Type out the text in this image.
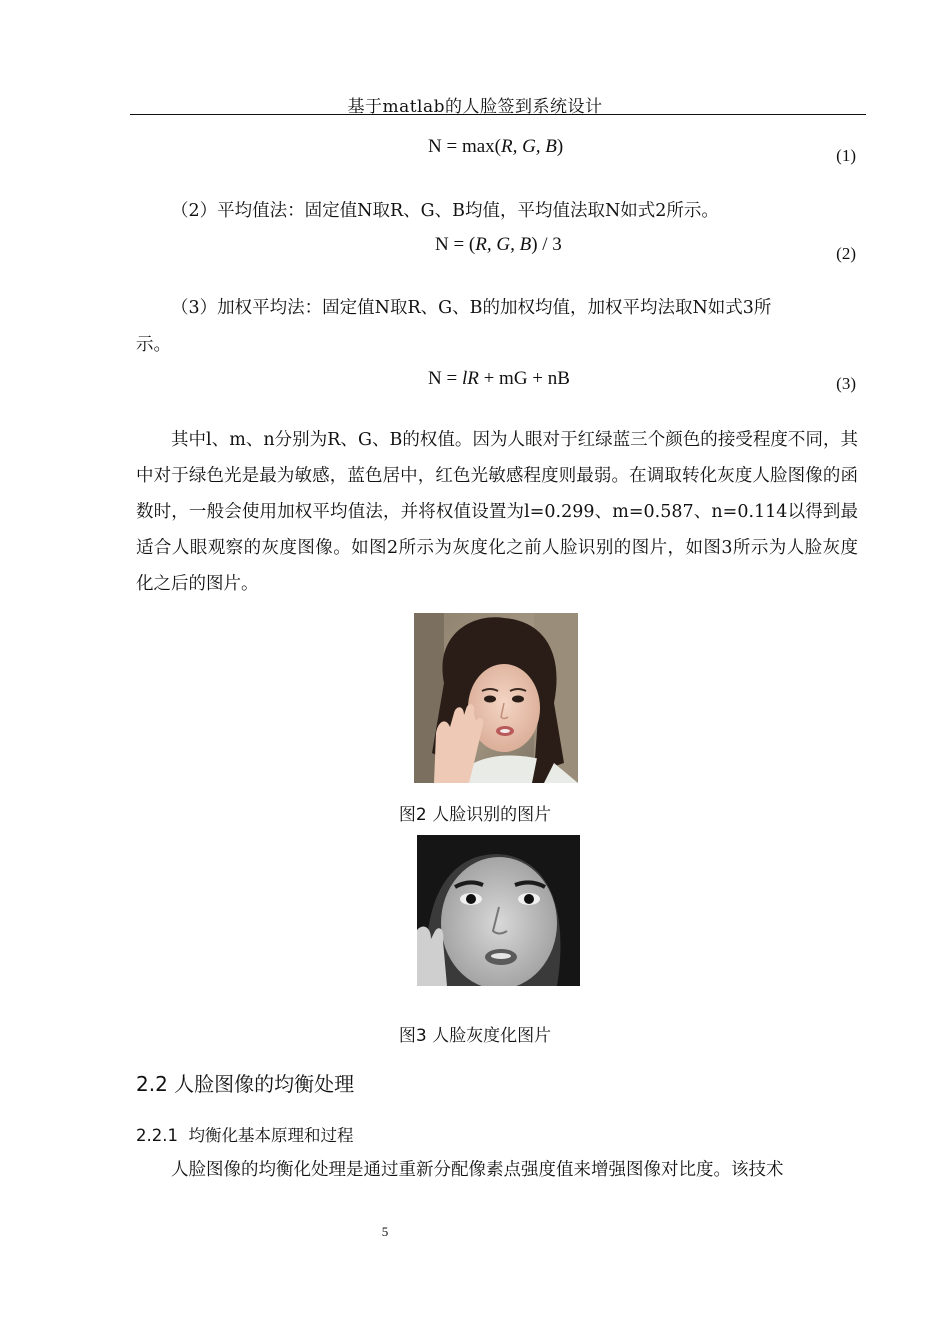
基于matlab的人脸签到系统设计
N = max(R, G, B)	(1)
（2）平均值法：固定值N取R、G、B均值，平均值法取N如式2所示。
N = (R, G, B) / 3	(2)
（3）加权平均法：固定值N取R、G、B的加权均值，加权平均法取N如式3所
示。
N = lR + mG + nB	(3)
其中l、m、n分别为R、G、B的权值。因为人眼对于红绿蓝三个颜色的接受程度不同，其中对于绿色光是最为敏感，蓝色居中，红色光敏感程度则最弱。在调取转化灰度人脸图像的函数时，一般会使用加权平均值法，并将权值设置为l=0.299、m=0.587、n=0.114以得到最适合人眼观察的灰度图像。如图2所示为灰度化之前人脸识别的图片，如图3所示为人脸灰度化之后的图片。
图2 人脸识别的图片
图3 人脸灰度化图片
2.2 人脸图像的均衡处理
2.2.1 均衡化基本原理和过程
人脸图像的均衡化处理是通过重新分配像素点强度值来增强图像对比度。该技术
5
